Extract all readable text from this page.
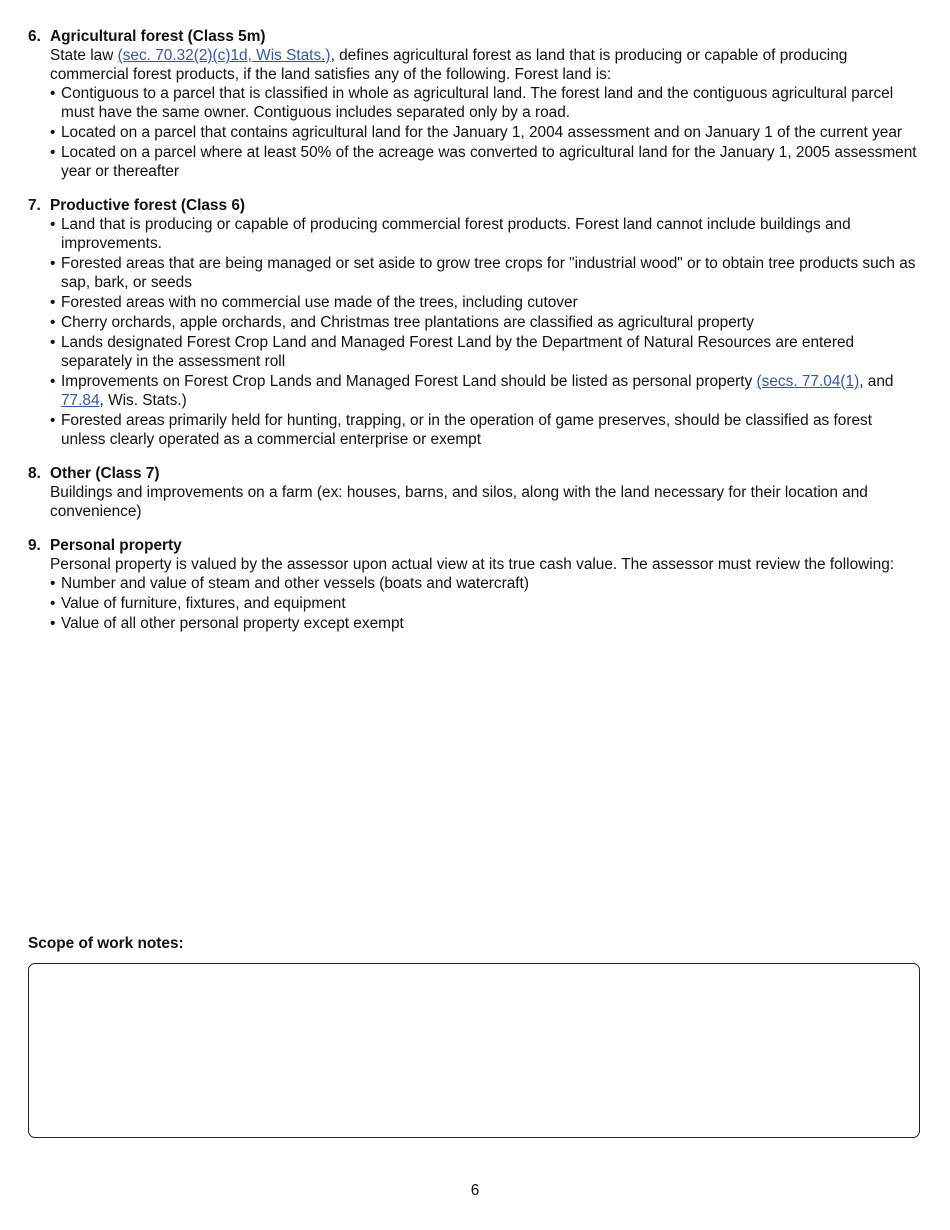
6. Agricultural forest (Class 5m)
State law (sec. 70.32(2)(c)1d, Wis Stats.), defines agricultural forest as land that is producing or capable of producing commercial forest products, if the land satisfies any of the following. Forest land is:
• Contiguous to a parcel that is classified in whole as agricultural land. The forest land and the contiguous agricultural parcel must have the same owner. Contiguous includes separated only by a road.
• Located on a parcel that contains agricultural land for the January 1, 2004 assessment and on January 1 of the current year
• Located on a parcel where at least 50% of the acreage was converted to agricultural land for the January 1, 2005 assessment year or thereafter
7. Productive forest (Class 6)
• Land that is producing or capable of producing commercial forest products. Forest land cannot include buildings and improvements.
• Forested areas that are being managed or set aside to grow tree crops for "industrial wood" or to obtain tree products such as sap, bark, or seeds
• Forested areas with no commercial use made of the trees, including cutover
• Cherry orchards, apple orchards, and Christmas tree plantations are classified as agricultural property
• Lands designated Forest Crop Land and Managed Forest Land by the Department of Natural Resources are entered separately in the assessment roll
• Improvements on Forest Crop Lands and Managed Forest Land should be listed as personal property (secs. 77.04(1), and 77.84, Wis. Stats.)
• Forested areas primarily held for hunting, trapping, or in the operation of game preserves, should be classified as forest unless clearly operated as a commercial enterprise or exempt
8. Other (Class 7)
Buildings and improvements on a farm (ex: houses, barns, and silos, along with the land necessary for their location and convenience)
9. Personal property
Personal property is valued by the assessor upon actual view at its true cash value. The assessor must review the following:
• Number and value of steam and other vessels (boats and watercraft)
• Value of furniture, fixtures, and equipment
• Value of all other personal property except exempt
Scope of work notes:
6
